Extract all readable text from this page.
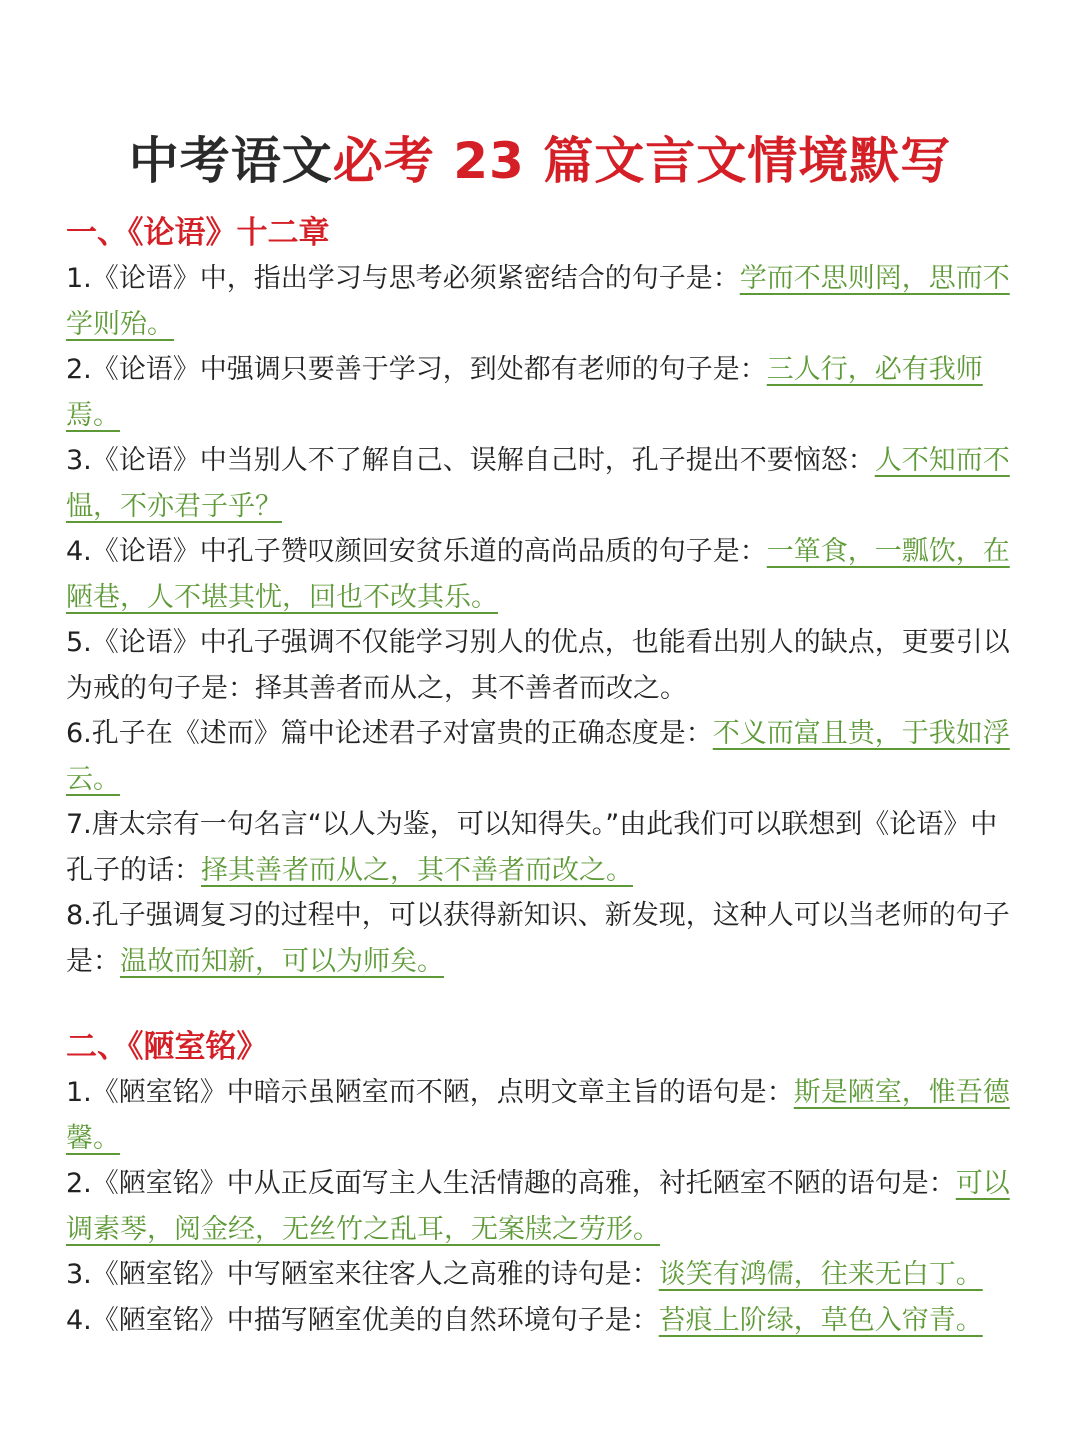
中考语文必考 23 篇文言文情境默写
一、《论语》十二章

1.《论语》中，指出学习与思考必须紧密结合的句子是：学而不思则罔，思而不学则殆。

2.《论语》中强调只要善于学习，到处都有老师的句子是：三人行，必有我师焉。

3.《论语》中当别人不了解自己、误解自己时，孔子提出不要恼怒：人不知而不愠，不亦君子乎？

4.《论语》中孔子赞叹颜回安贫乐道的高尚品质的句子是：一箪食，一瓢饮，在陋巷，人不堪其忧，回也不改其乐。

5.《论语》中孔子强调不仅能学习别人的优点，也能看出别人的缺点，更要引以为戒的句子是：择其善者而从之，其不善者而改之。

6.孔子在《述而》篇中论述君子对富贵的正确态度是：不义而富且贵，于我如浮云。

7.唐太宗有一句名言“以人为鉴，可以知得失。”由此我们可以联想到《论语》中孔子的话：择其善者而从之，其不善者而改之。

8.孔子强调复习的过程中，可以获得新知识、新发现，这种人可以当老师的句子是：温故而知新，可以为师矣。

二、《陋室铭》

1.《陋室铭》中暗示虽陋室而不陋，点明文章主旨的语句是：斯是陋室，惟吾德馨。

2.《陋室铭》中从正反面写主人生活情趣的高雅，衬托陋室不陋的语句是：可以调素琴，阅金经，无丝竹之乱耳，无案牍之劳形。

3.《陋室铭》中写陋室来往客人之高雅的诗句是：谈笑有鸿儒，往来无白丁。

4.《陋室铭》中描写陋室优美的自然环境句子是：苔痕上阶绿，草色入帘青。
